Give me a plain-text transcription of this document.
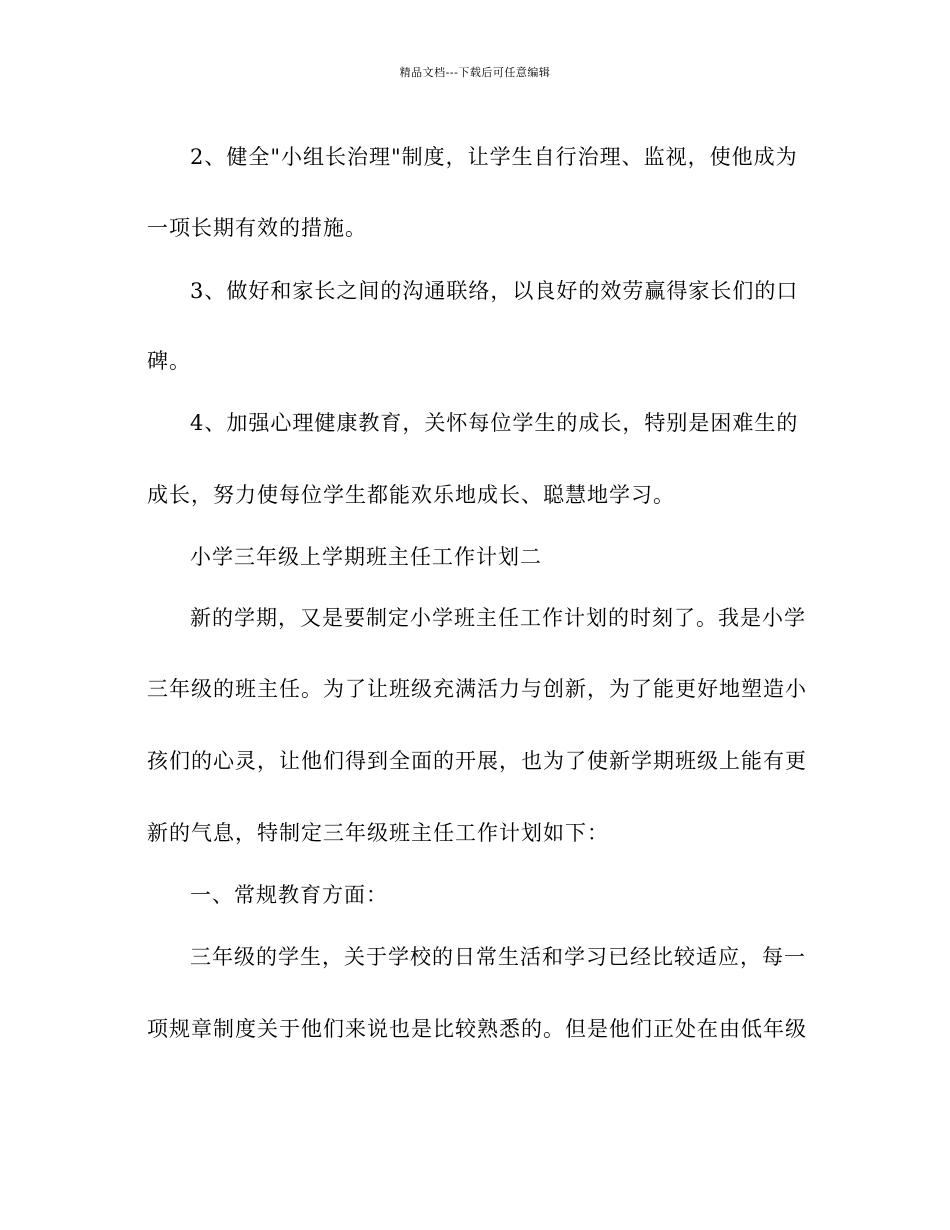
精品文档---下载后可任意编辑
2、健全"小组长治理"制度，让学生自行治理、监视，使他成为
一项长期有效的措施。
3、做好和家长之间的沟通联络，以良好的效劳赢得家长们的口
碑。
4、加强心理健康教育，关怀每位学生的成长，特别是困难生的
成长，努力使每位学生都能欢乐地成长、聪慧地学习。
小学三年级上学期班主任工作计划二
新的学期，又是要制定小学班主任工作计划的时刻了。我是小学
三年级的班主任。为了让班级充满活力与创新，为了能更好地塑造小
孩们的心灵，让他们得到全面的开展，也为了使新学期班级上能有更
新的气息，特制定三年级班主任工作计划如下：
一、常规教育方面：
三年级的学生，关于学校的日常生活和学习已经比较适应，每一
项规章制度关于他们来说也是比较熟悉的。但是他们正处在由低年级
